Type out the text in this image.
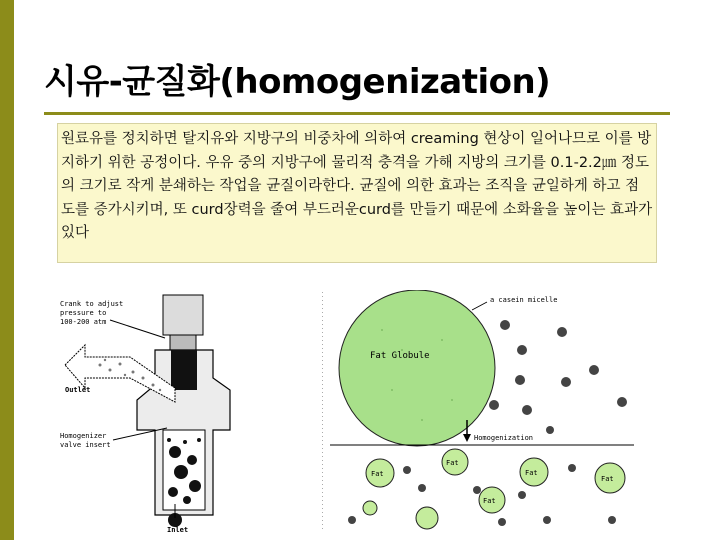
시유-균질화(homogenization)
원료유를 정치하면 탈지유와 지방구의 비중차에 의하여 creaming 현상이 일어나므로 이를 방지하기 위한 공정이다. 우유 중의 지방구에 물리적 충격을 가해 지방의 크기를 0.1-2.2㎛ 정도의 크기로 작게 분쇄하는 작업을 균질이라한다. 균질에 의한 효과는 조직을 균일하게 하고 점도를 증가시키며, 또 curd장력을 줄여 부드러운curd를 만들기 때문에 소화율을 높이는 효과가 있다
Crank to adjust
pressure to
100-200 atm
Outlet
Homogenizer
valve insert
Inlet
a casein micelle
Fat Globule
Homogenization
Fat
Fat
Fat
Fat
Fat
